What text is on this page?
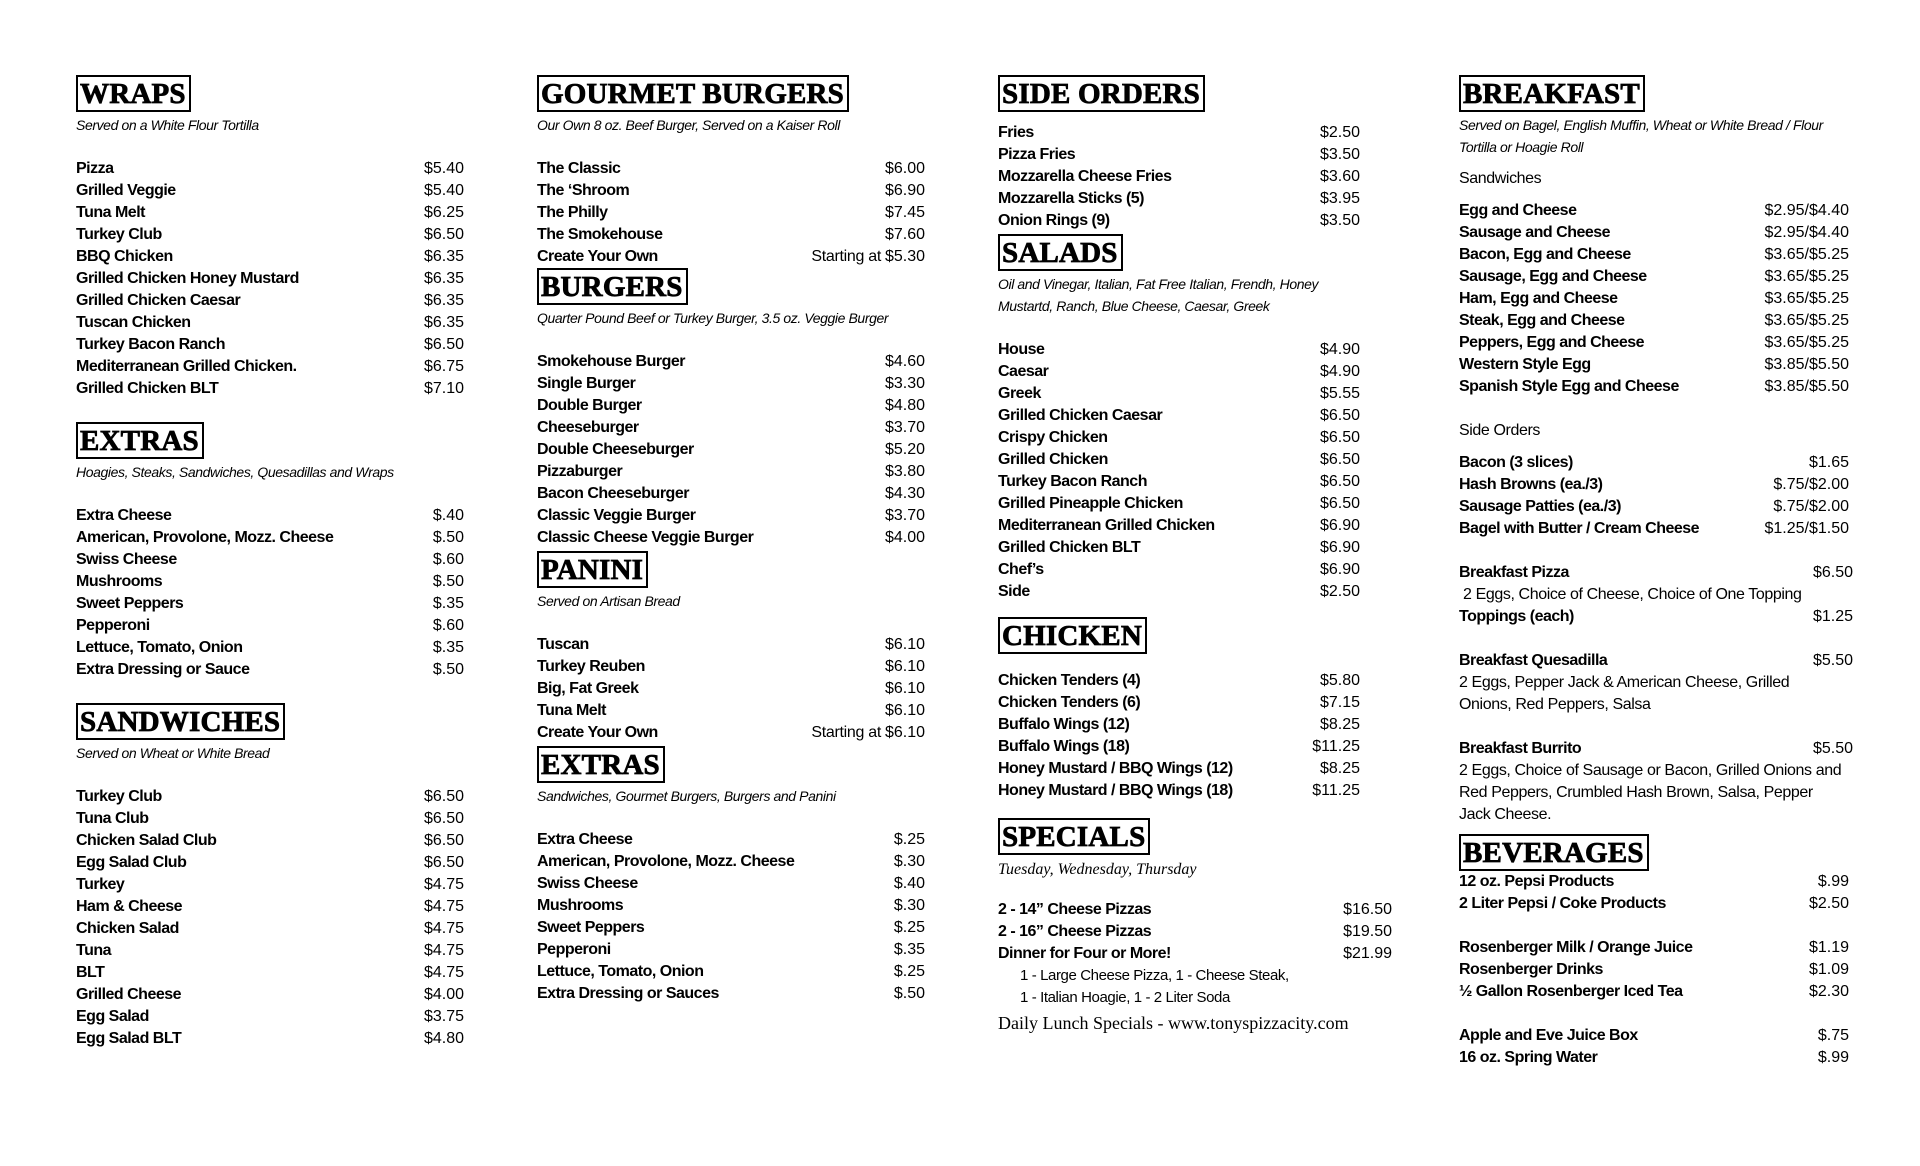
WRAPS
Served on a White Flour Tortilla
Pizza	$5.40
Grilled Veggie	$5.40
Tuna Melt	$6.25
Turkey Club	$6.50
BBQ Chicken	$6.35
Grilled Chicken Honey Mustard	$6.35
Grilled Chicken Caesar	$6.35
Tuscan Chicken	$6.35
Turkey Bacon Ranch	$6.50
Mediterranean Grilled Chicken.	$6.75
Grilled Chicken BLT	$7.10
EXTRAS
Hoagies, Steaks, Sandwiches, Quesadillas and Wraps
Extra Cheese	$.40
American, Provolone, Mozz. Cheese	$.50
Swiss Cheese	$.60
Mushrooms	$.50
Sweet Peppers	$.35
Pepperoni	$.60
Lettuce, Tomato, Onion	$.35
Extra Dressing or Sauce	$.50
SANDWICHES
Served on Wheat or White Bread
Turkey Club	$6.50
Tuna Club	$6.50
Chicken Salad Club	$6.50
Egg Salad Club	$6.50
Turkey	$4.75
Ham & Cheese	$4.75
Chicken Salad	$4.75
Tuna	$4.75
BLT	$4.75
Grilled Cheese	$4.00
Egg Salad	$3.75
Egg Salad BLT	$4.80
GOURMET BURGERS
Our Own 8 oz. Beef Burger, Served on a Kaiser Roll
The Classic	$6.00
The ‘Shroom	$6.90
The Philly	$7.45
The Smokehouse	$7.60
Create Your Own	Starting at $5.30
BURGERS
Quarter Pound Beef or Turkey Burger, 3.5 oz. Veggie Burger
Smokehouse Burger	$4.60
Single Burger	$3.30
Double Burger	$4.80
Cheeseburger	$3.70
Double Cheeseburger	$5.20
Pizzaburger	$3.80
Bacon Cheeseburger	$4.30
Classic Veggie Burger	$3.70
Classic Cheese Veggie Burger	$4.00
PANINI
Served on Artisan Bread
Tuscan	$6.10
Turkey Reuben	$6.10
Big, Fat Greek	$6.10
Tuna Melt	$6.10
Create Your Own	Starting at $6.10
EXTRAS
Sandwiches, Gourmet Burgers, Burgers and Panini
Extra Cheese	$.25
American, Provolone, Mozz. Cheese	$.30
Swiss Cheese	$.40
Mushrooms	$.30
Sweet Peppers	$.25
Pepperoni	$.35
Lettuce, Tomato, Onion	$.25
Extra Dressing or Sauces	$.50
SIDE ORDERS
Fries	$2.50
Pizza Fries	$3.50
Mozzarella Cheese Fries	$3.60
Mozzarella Sticks (5)	$3.95
Onion Rings (9)	$3.50
SALADS
Oil and Vinegar, Italian, Fat Free Italian, Frendh, Honey
Mustartd, Ranch, Blue Cheese, Caesar, Greek
House	$4.90
Caesar	$4.90
Greek	$5.55
Grilled Chicken Caesar	$6.50
Crispy Chicken	$6.50
Grilled Chicken	$6.50
Turkey Bacon Ranch	$6.50
Grilled Pineapple Chicken	$6.50
Mediterranean Grilled Chicken	$6.90
Grilled Chicken BLT	$6.90
Chef’s	$6.90
Side	$2.50
CHICKEN
Chicken Tenders (4)	$5.80
Chicken Tenders (6)	$7.15
Buffalo Wings (12)	$8.25
Buffalo Wings (18)	$11.25
Honey Mustard / BBQ Wings (12)	$8.25
Honey Mustard / BBQ Wings (18)	$11.25
SPECIALS
Tuesday, Wednesday, Thursday
2 - 14” Cheese Pizzas	$16.50
2 - 16” Cheese Pizzas	$19.50
Dinner for Four or More!	$21.99
1 - Large Cheese Pizza, 1 - Cheese Steak,
1 - Italian Hoagie, 1 - 2 Liter Soda
Daily Lunch Specials - www.tonyspizzacity.com
BREAKFAST
Served on Bagel, English Muffin, Wheat or White Bread / Flour
Tortilla or Hoagie Roll
Sandwiches
Egg and Cheese	$2.95/$4.40
Sausage and Cheese	$2.95/$4.40
Bacon, Egg and Cheese	$3.65/$5.25
Sausage, Egg and Cheese	$3.65/$5.25
Ham, Egg and Cheese	$3.65/$5.25
Steak, Egg and Cheese	$3.65/$5.25
Peppers, Egg and Cheese	$3.65/$5.25
Western Style Egg	$3.85/$5.50
Spanish Style Egg and Cheese	$3.85/$5.50
Side Orders
Bacon (3 slices)	$1.65
Hash Browns (ea./3)	$.75/$2.00
Sausage Patties (ea./3)	$.75/$2.00
Bagel with Butter / Cream Cheese	$1.25/$1.50
Breakfast Pizza	$6.50
2 Eggs, Choice of Cheese, Choice of One Topping
Toppings (each)	$1.25
Breakfast Quesadilla	$5.50
2 Eggs, Pepper Jack & American Cheese, Grilled
Onions, Red Peppers, Salsa
Breakfast Burrito	$5.50
2 Eggs, Choice of Sausage or Bacon, Grilled Onions and
Red Peppers, Crumbled Hash Brown, Salsa, Pepper
Jack Cheese.
BEVERAGES
12 oz. Pepsi Products	$.99
2 Liter Pepsi / Coke Products	$2.50
Rosenberger Milk / Orange Juice	$1.19
Rosenberger Drinks	$1.09
½ Gallon Rosenberger Iced Tea	$2.30
Apple and Eve Juice Box	$.75
16 oz. Spring Water	$.99
